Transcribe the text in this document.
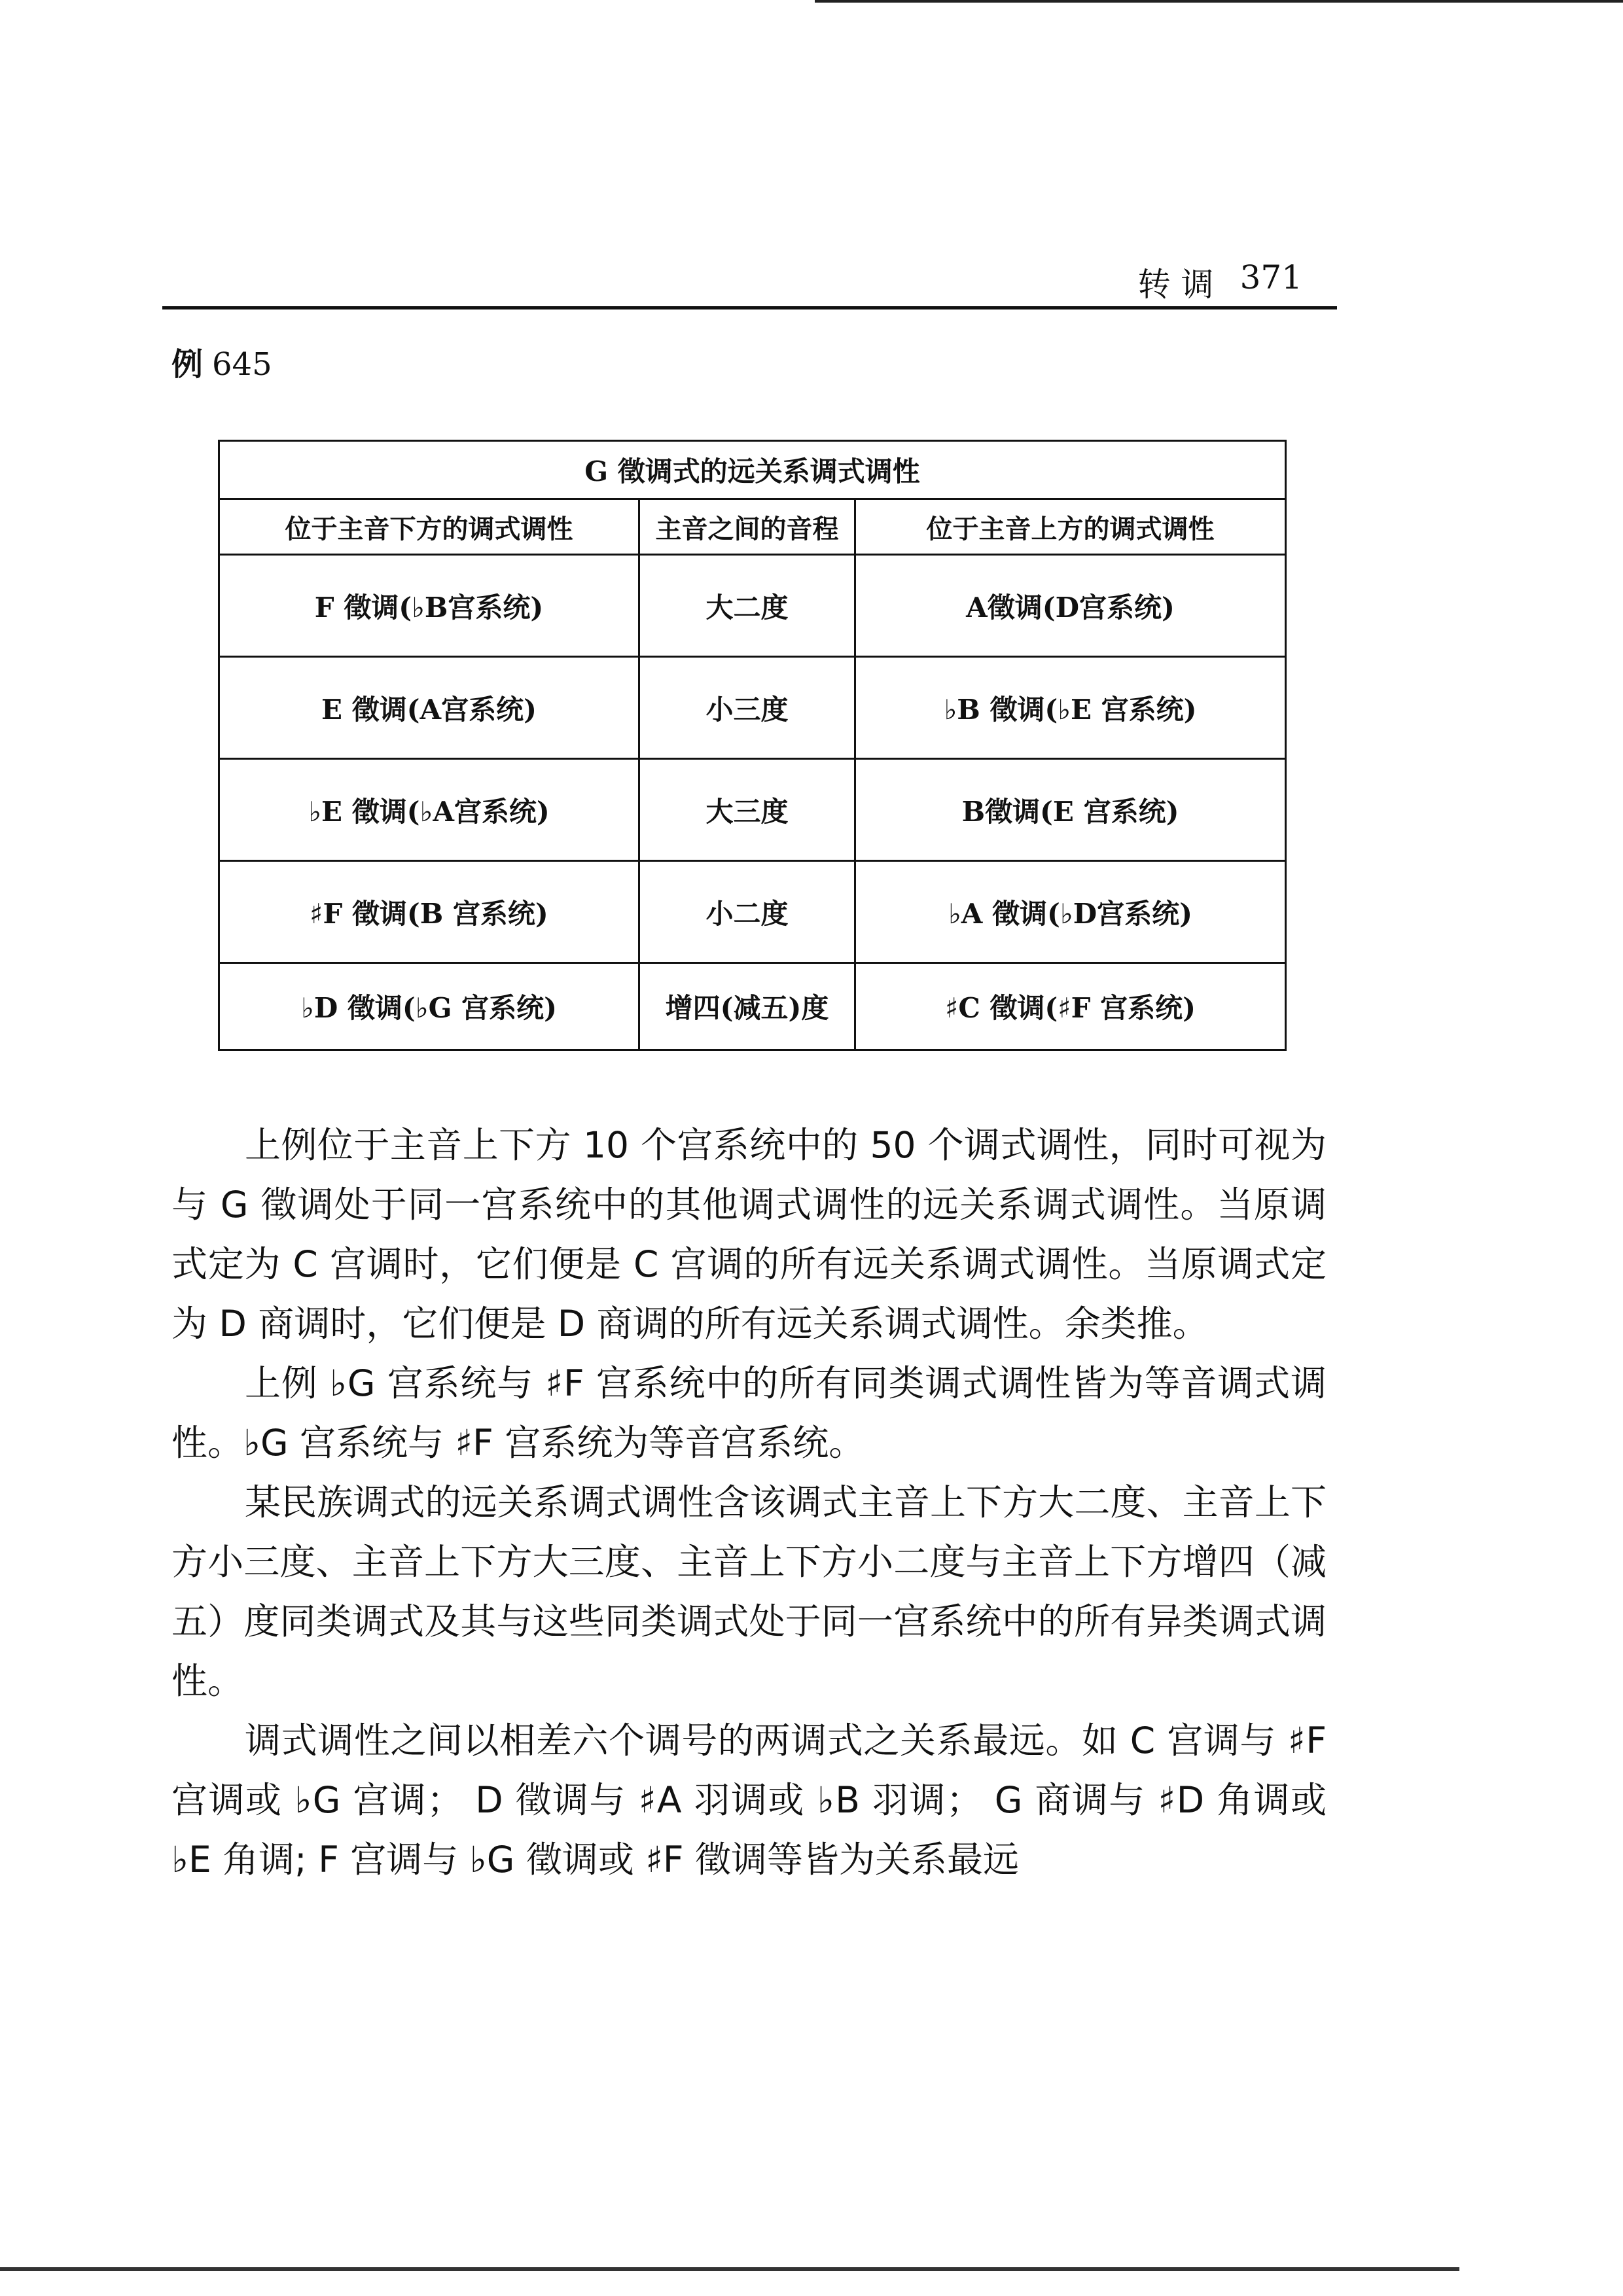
转 调 371
例 645
G 徵调式的远关系调式调性		
位于主音下方的调式调性	主音之间的音程	位于主音上方的调式调性
F 徵调(♭B宫系统)	大二度	A徵调(D宫系统)
E 徵调(A宫系统)	小三度	♭B 徵调(♭E 宫系统)
♭E 徵调(♭A宫系统)	大三度	B徵调(E 宫系统)
♯F 徵调(B 宫系统)	小二度	♭A 徵调(♭D宫系统)
♭D 徵调(♭G 宫系统)	增四(减五)度	♯C 徵调(♯F 宫系统)

上例位于主音上下方 10 个宫系统中的 50 个调式调性，同时可视为与 G 徵调处于同一宫系统中的其他调式调性的远关系调式调性。当原调式定为 C 宫调时，它们便是 C 宫调的所有远关系调式调性。当原调式定为 D 商调时，它们便是 D 商调的所有远关系调式调性。余类推。

上例 ♭G 宫系统与 ♯F 宫系统中的所有同类调式调性皆为等音调式调性。♭G 宫系统与 ♯F 宫系统为等音宫系统。

某民族调式的远关系调式调性含该调式主音上下方大二度、主音上下方小三度、主音上下方大三度、主音上下方小二度与主音上下方增四（减五）度同类调式及其与这些同类调式处于同一宫系统中的所有异类调式调性。

调式调性之间以相差六个调号的两调式之关系最远。如 C 宫调与 ♯F 宫调或 ♭G 宫调； D 徵调与 ♯A 羽调或 ♭B 羽调； G 商调与 ♯D 角调或 ♭E 角调; F 宫调与 ♭G 徵调或 ♯F 徵调等皆为关系最远
